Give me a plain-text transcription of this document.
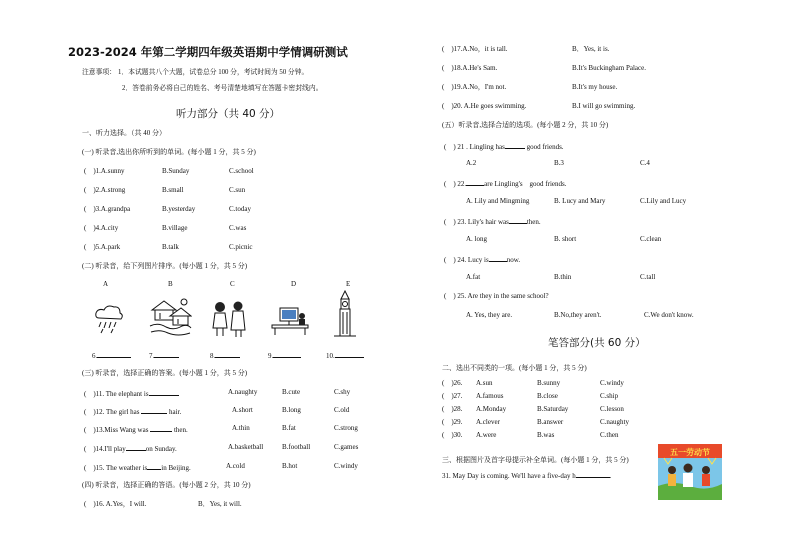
2023-2024 年第二学期四年级英语期中学情调研测试
注意事项： 1．本试题共八个大题，试卷总分 100 分，考试时间为 50 分钟。
2．答卷前务必将自己的姓名、考号清楚地填写在答题卡密封线内。
听力部分（共 40 分）
一、听力选择。（共 40 分）
(一) 听录音,选出你所听到的单词。(每小题 1 分，共 5 分)
(　)1.A.sunny	B.Sunday	C.school
(　)2.A.strong	B.small	C.sun
(　)3.A.grandpa	B.yesterday	C.today
(　)4.A.city	B.village	C.was
(　)5.A.park	B.talk	C.picnic
(二) 听录音，给下列图片排序。(每小题 1 分，共 5 分)
A	B	C	D	E
6.	7.	8.	9.	10.
(三) 听录音，选择正确的答案。(每小题 1 分，共 5 分)
(　)11. The elephant is	A.naughty	B.cute	C.shy
(　)12. The girl has	hair.	A.short	B.long	C.old
(　)13.Miss Wang was	then.	A.thin	B.fat	C.strong
(　)14.I'll play	on Sunday.	A.basketball	B.football	C.games
(　)15. The weather is in Beijing.	A.cold	B.hot	C.windy
(四) 听录音，选择正确的答语。(每小题 2 分，共 10 分)
(　)16. A.Yes，I will.	B．Yes, it will.
(　)17.A.No，it is tall.	B．Yes, it is.
(　)18.A.He's Sam.	B.It's Buckingham Palace.
(　)19.A.No，I'm not.	B.It's my house.
(　)20. A.He goes swimming.	B.I will go swimming.
(五）听录音,选择合适的选项。(每小题 2 分，共 10 分)
(　) 21 . Lingling has	good friends.
A.2	B.3	C.4
(　) 22.	are Lingling's　good friends.
A. Lily and Mingming	B. Lucy and Mary	C.Lily and Lucy
(　) 23. Lily's hair was	then.
A. long	B. short	C.clean
(　) 24. Lucy is	now.
A.fat	B.thin	C.tall
(　) 25. Are they in the same school?
A. Yes, they are.	B.No,they aren't.	C.We don't know.
笔答部分(共 60 分）
二、选出不同类的一项。(每小题 1 分，共 5 分)
(　)26. A.sun	B.sunny	C.windy
(　)27. A.famous	B.close	C.ship
(　)28. A.Monday	B.Saturday	C.lesson
(　)29. A.clever	B.answer	C.naughty
(　)30. A.were	B.was	C.then
三、根据图片及首字母提示补全单词。(每小题 1 分，共 5 分)
31. May Day is coming. We'll have a five-day h	.
五一劳动节
